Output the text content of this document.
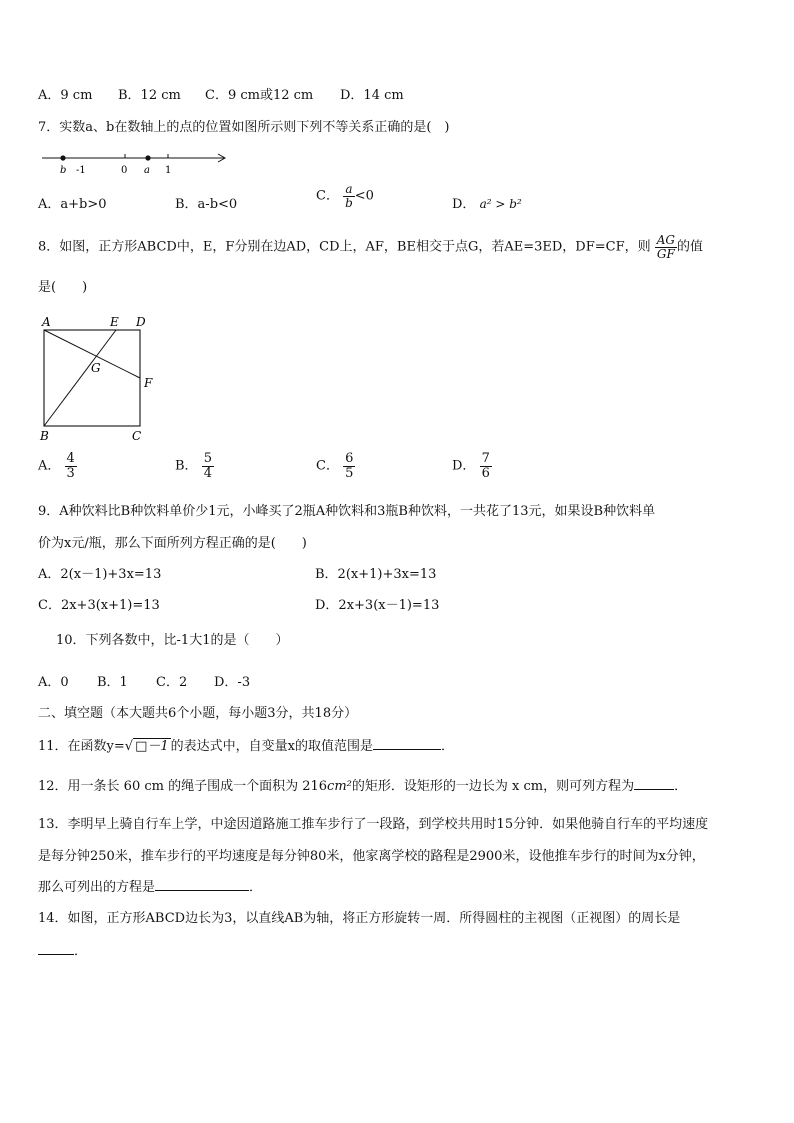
A．9 cm B．12 cm C．9 cm或12 cm D．14 cm
7．实数a、b在数轴上的点的位置如图所示则下列不等关系正确的是(　)
b -1	0 a 1
A．a+b>0	B．a-b<0
C． $\frac{a}{b} <0$
D． a² > b²
8．如图，正方形ABCD中，E，F分别在边AD，CD上，AF，BE相交于点G，若AE=3ED，DF=CF，则 $\frac{AG}{GF}$ 的值
是(　　)
A	E D
G
F
B	C
A． $\frac{4}{3}$	B． $\frac{5}{4}$	C． $\frac{6}{5}$	D． $\frac{7}{6}$
9．A种饮料比B种饮料单价少1元，小峰买了2瓶A种饮料和3瓶B种饮料，一共花了13元，如果设B种饮料单
价为x元/瓶，那么下面所列方程正确的是(　　)
A．2(x－1)+3x=13	B．2(x+1)+3x=13
C．2x+3(x+1)=13	D．2x+3(x－1)=13
10．下列各数中，比-1大1的是（　　）
A．0 B．1 C．2 D．-3
二、填空题（本大题共6个小题，每小题3分，共18分）
11．在函数y=√ □－1 的表达式中，自变量x的取值范围是	．
12．用一条长 60 cm 的绳子围成一个面积为 216cm²的矩形．设矩形的一边长为 x cm，则可列方程为	．
13．李明早上骑自行车上学，中途因道路施工推车步行了一段路，到学校共用时15分钟．如果他骑自行车的平均速度
是每分钟250米，推车步行的平均速度是每分钟80米，他家离学校的路程是2900米，设他推车步行的时间为x分钟，
那么可列出的方程是	．
14．如图，正方形ABCD边长为3，以直线AB为轴，将正方形旋转一周．所得圆柱的主视图（正视图）的周长是
．
